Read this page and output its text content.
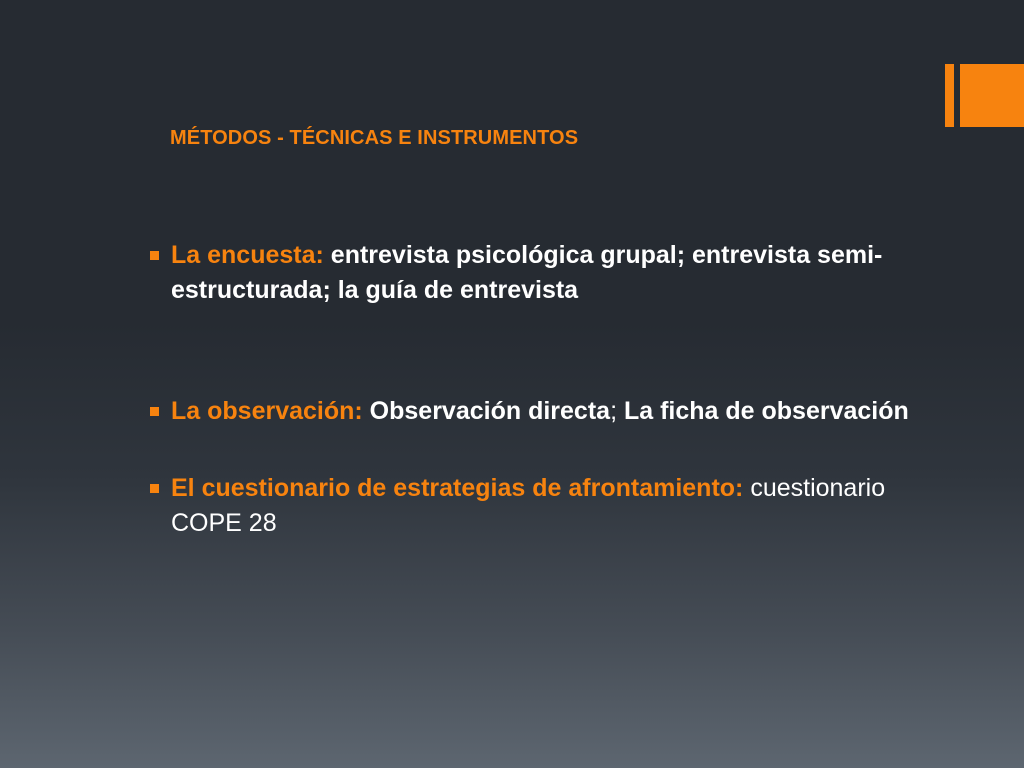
MÉTODOS - TÉCNICAS E INSTRUMENTOS
La encuesta: entrevista psicológica grupal; entrevista semi-estructurada; la guía de entrevista
La observación: Observación directa; La ficha de observación
El cuestionario de estrategias de afrontamiento: cuestionario COPE 28
